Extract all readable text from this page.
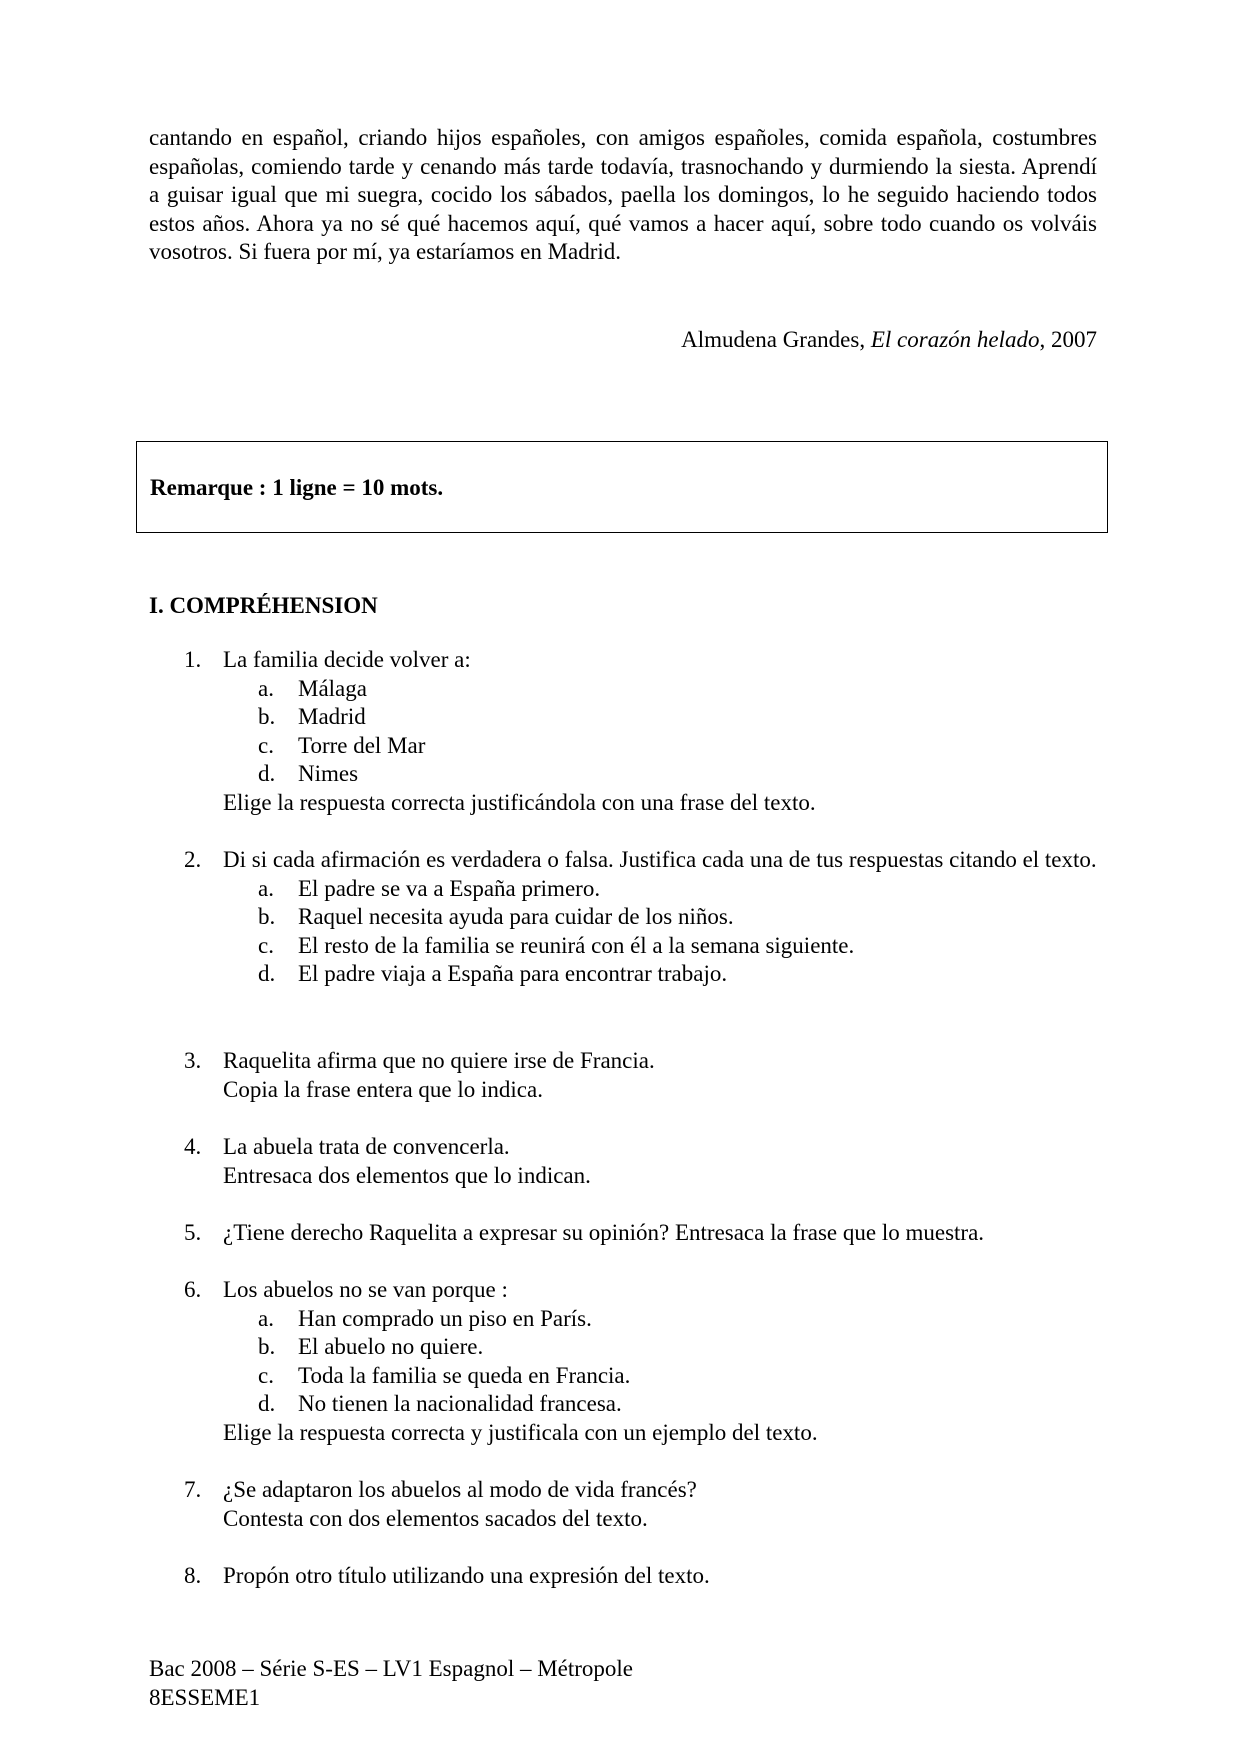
cantando en español, criando hijos españoles, con amigos españoles, comida española, costumbres españolas, comiendo tarde y cenando más tarde todavía, trasnochando y durmiendo la siesta. Aprendí a guisar igual que mi suegra, cocido los sábados, paella los domingos, lo he seguido haciendo todos estos años. Ahora ya no sé qué hacemos aquí, qué vamos a hacer aquí, sobre todo cuando os volváis vosotros. Si fuera por mí, ya estaríamos en Madrid.

Almudena Grandes, El corazón helado, 2007
Remarque : 1 ligne = 10 mots.
I. COMPRÉHENSION
1. La familia decide volver a:

a. Málaga
b. Madrid
c. Torre del Mar
d. Nimes

Elige la respuesta correcta justificándola con una frase del texto.

2. Di si cada afirmación es verdadera o falsa. Justifica cada una de tus respuestas citando el texto.

a. El padre se va a España primero.
b. Raquel necesita ayuda para cuidar de los niños.
c. El resto de la familia se reunirá con él a la semana siguiente.
d. El padre viaja a España para encontrar trabajo.
3. Raquelita afirma que no quiere irse de Francia.

Copia la frase entera que lo indica.

4. La abuela trata de convencerla.

Entresaca dos elementos que lo indican.

5. ¿Tiene derecho Raquelita a expresar su opinión? Entresaca la frase que lo muestra.

6. Los abuelos no se van porque :

a. Han comprado un piso en París.
b. El abuelo no quiere.
c. Toda la familia se queda en Francia.
d. No tienen la nacionalidad francesa.

Elige la respuesta correcta y justificala con un ejemplo del texto.

7. ¿Se adaptaron los abuelos al modo de vida francés?

Contesta con dos elementos sacados del texto.

8. Propón otro título utilizando una expresión del texto.

Bac 2008 – Série S-ES – LV1 Espagnol – Métropole
8ESSEME1
